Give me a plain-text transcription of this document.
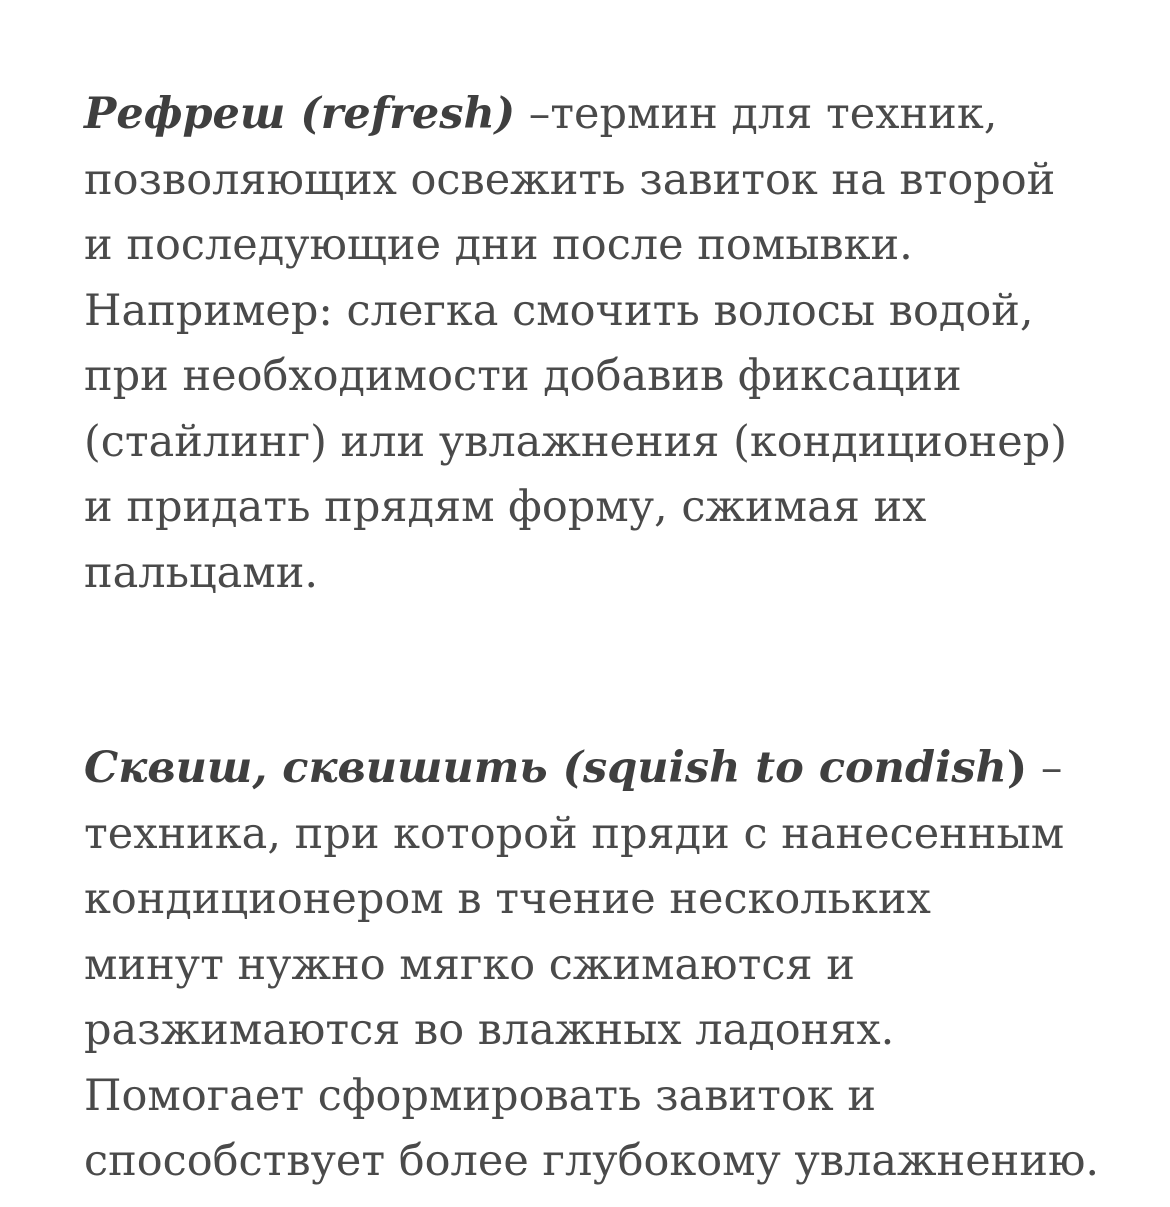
Рефреш (refresh) –термин для техник,
позволяющих освежить завиток на второй
и последующие дни после помывки.
Например: слегка смочить волосы водой,
при необходимости добавив фиксации
(стайлинг) или увлажнения (кондиционер)
и придать прядям форму, сжимая их
пальцами.

Сквиш, сквишить (squish to condish) –
техника, при которой пряди с нанесенным
кондиционером в тчение нескольких
минут нужно мягко сжимаются и
разжимаются во влажных ладонях.
Помогает сформировать завиток и
способствует более глубокому увлажнению.
